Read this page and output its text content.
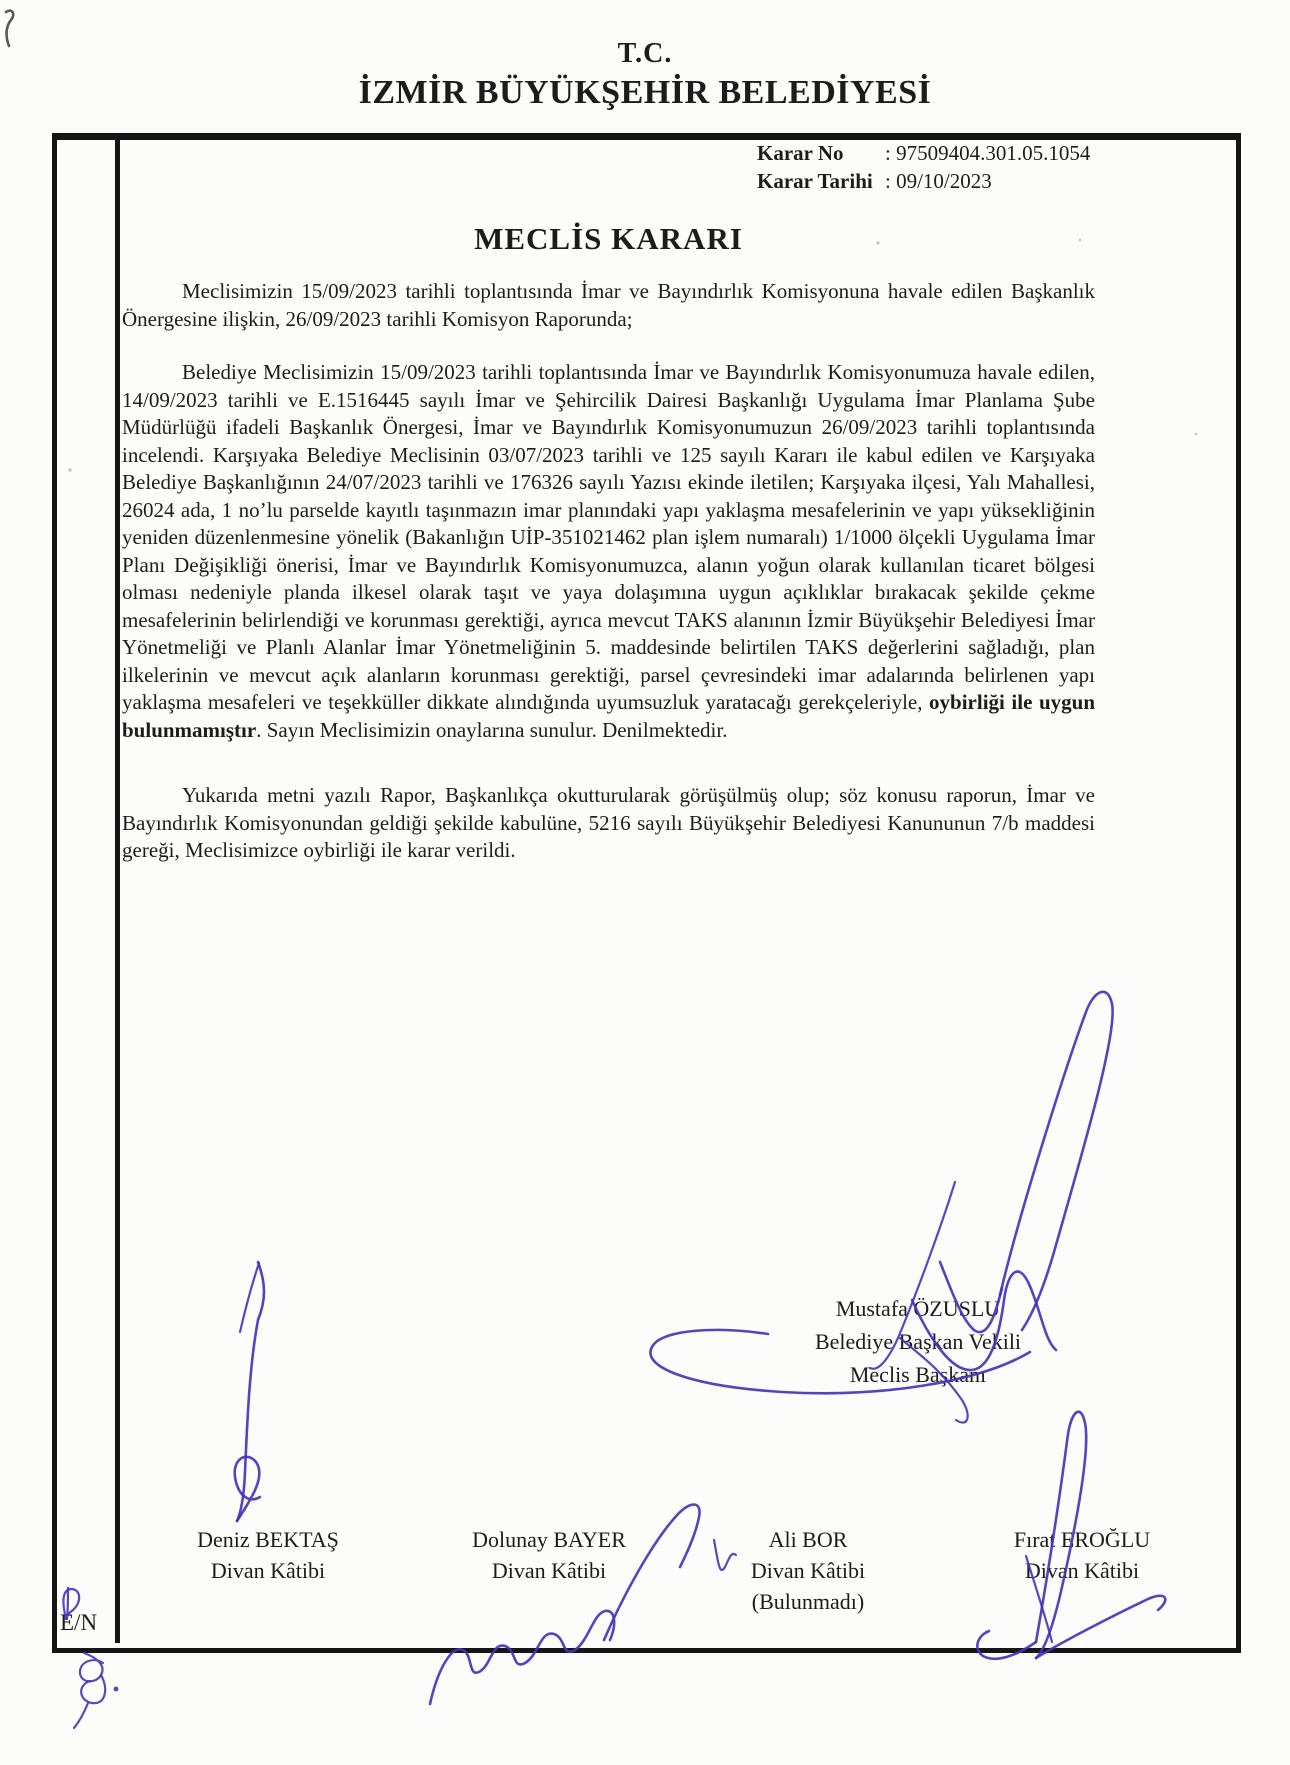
T.C.
İZMİR BÜYÜKŞEHİR BELEDİYESİ
Karar No : 97509404.301.05.1054
Karar Tarihi : 09/10/2023
MECLİS KARARI

Meclisimizin 15/09/2023 tarihli toplantısında İmar ve Bayındırlık Komisyonuna havale edilen Başkanlık Önergesine ilişkin, 26/09/2023 tarihli Komisyon Raporunda;

Belediye Meclisimizin 15/09/2023 tarihli toplantısında İmar ve Bayındırlık Komisyonumuza havale edilen, 14/09/2023 tarihli ve E.1516445 sayılı İmar ve Şehircilik Dairesi Başkanlığı Uygulama İmar Planlama Şube Müdürlüğü ifadeli Başkanlık Önergesi, İmar ve Bayındırlık Komisyonumuzun 26/09/2023 tarihli toplantısında incelendi. Karşıyaka Belediye Meclisinin 03/07/2023 tarihli ve 125 sayılı Kararı ile kabul edilen ve Karşıyaka Belediye Başkanlığının 24/07/2023 tarihli ve 176326 sayılı Yazısı ekinde iletilen; Karşıyaka ilçesi, Yalı Mahallesi, 26024 ada, 1 no’lu parselde kayıtlı taşınmazın imar planındaki yapı yaklaşma mesafelerinin ve yapı yüksekliğinin yeniden düzenlenmesine yönelik (Bakanlığın UİP-351021462 plan işlem numaralı) 1/1000 ölçekli Uygulama İmar Planı Değişikliği önerisi, İmar ve Bayındırlık Komisyonumuzca, alanın yoğun olarak kullanılan ticaret bölgesi olması nedeniyle planda ilkesel olarak taşıt ve yaya dolaşımına uygun açıklıklar bırakacak şekilde çekme mesafelerinin belirlendiği ve korunması gerektiği, ayrıca mevcut TAKS alanının İzmir Büyükşehir Belediyesi İmar Yönetmeliği ve Planlı Alanlar İmar Yönetmeliğinin 5. maddesinde belirtilen TAKS değerlerini sağladığı, plan ilkelerinin ve mevcut açık alanların korunması gerektiği, parsel çevresindeki imar adalarında belirlenen yapı yaklaşma mesafeleri ve teşekküller dikkate alındığında uyumsuzluk yaratacağı gerekçeleriyle, oybirliği ile uygun bulunmamıştır. Sayın Meclisimizin onaylarına sunulur. Denilmektedir.

Yukarıda metni yazılı Rapor, Başkanlıkça okutturularak görüşülmüş olup; söz konusu raporun, İmar ve Bayındırlık Komisyonundan geldiği şekilde kabulüne, 5216 sayılı Büyükşehir Belediyesi Kanununun 7/b maddesi gereği, Meclisimizce oybirliği ile karar verildi.

Mustafa ÖZUSLU
Belediye Başkan Vekili
Meclis Başkanı
Deniz BEKTAŞ
Divan Kâtibi
Dolunay BAYER
Divan Kâtibi
Ali BOR
Divan Kâtibi
(Bulunmadı)
Fırat EROĞLU
Divan Kâtibi
E/N
